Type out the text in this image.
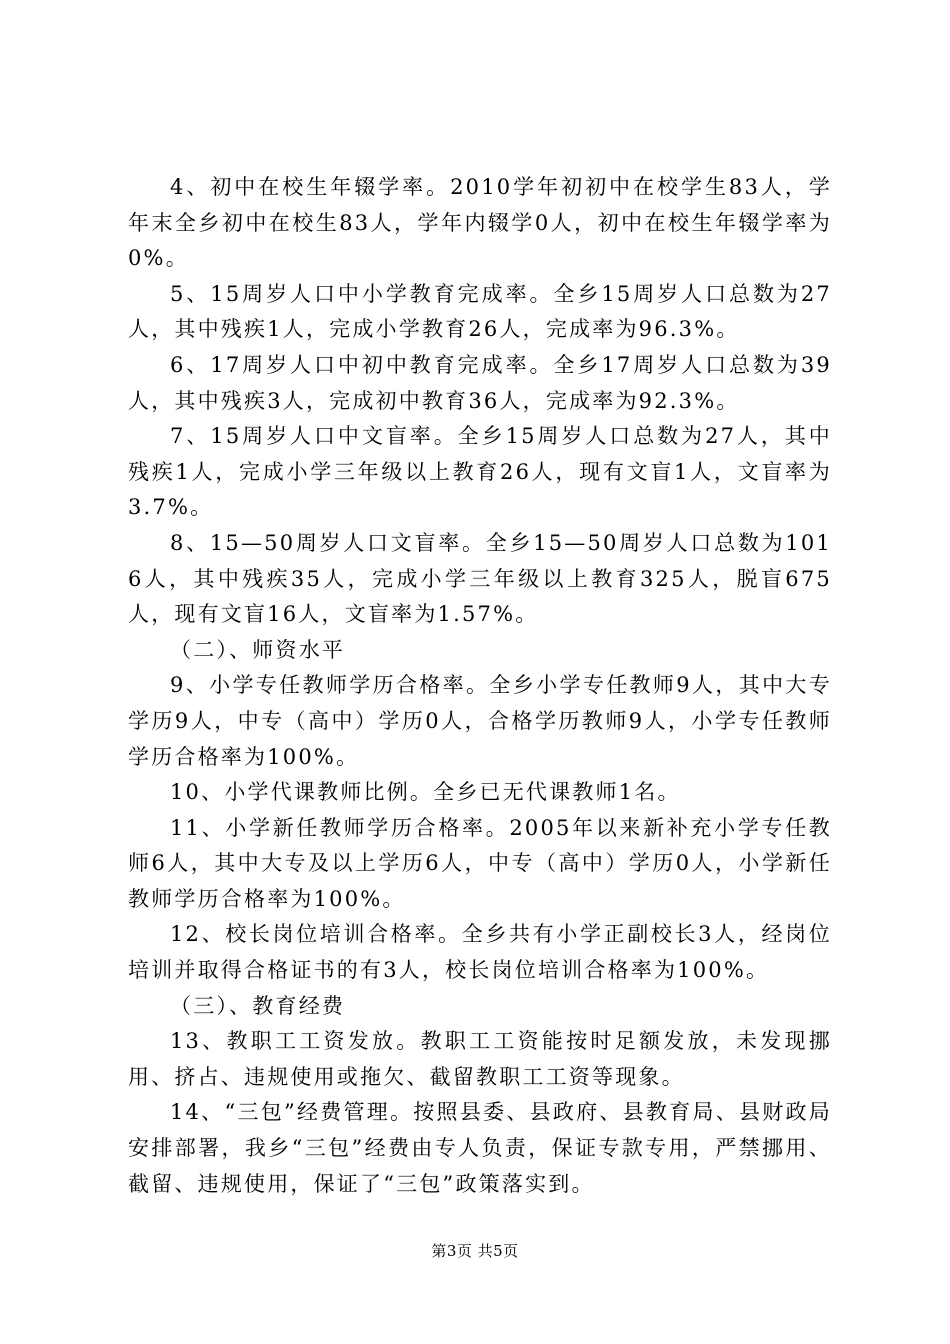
4、初中在校生年辍学率。2010学年初初中在校学生83人，学年末全乡初中在校生83人，学年内辍学0人，初中在校生年辍学率为0%。

5、15周岁人口中小学教育完成率。全乡15周岁人口总数为27人，其中残疾1人，完成小学教育26人，完成率为96.3%。

6、17周岁人口中初中教育完成率。全乡17周岁人口总数为39人，其中残疾3人，完成初中教育36人，完成率为92.3%。

7、15周岁人口中文盲率。全乡15周岁人口总数为27人，其中残疾1人，完成小学三年级以上教育26人，现有文盲1人，文盲率为3.7%。

8、15—50周岁人口文盲率。全乡15—50周岁人口总数为1016人，其中残疾35人，完成小学三年级以上教育325人，脱盲675人，现有文盲16人，文盲率为1.57%。

（二）、师资水平

9、小学专任教师学历合格率。全乡小学专任教师9人，其中大专学历9人，中专（高中）学历0人，合格学历教师9人，小学专任教师学历合格率为100%。

10、小学代课教师比例。全乡已无代课教师1名。

11、小学新任教师学历合格率。2005年以来新补充小学专任教师6人，其中大专及以上学历6人，中专（高中）学历0人，小学新任教师学历合格率为100%。

12、校长岗位培训合格率。全乡共有小学正副校长3人，经岗位培训并取得合格证书的有3人，校长岗位培训合格率为100%。

（三）、教育经费

13、教职工工资发放。教职工工资能按时足额发放，未发现挪用、挤占、违规使用或拖欠、截留教职工工资等现象。

14、“三包”经费管理。按照县委、县政府、县教育局、县财政局安排部署，我乡“三包”经费由专人负责，保证专款专用，严禁挪用、截留、违规使用，保证了“三包”政策落实到。

第3页 共5页
